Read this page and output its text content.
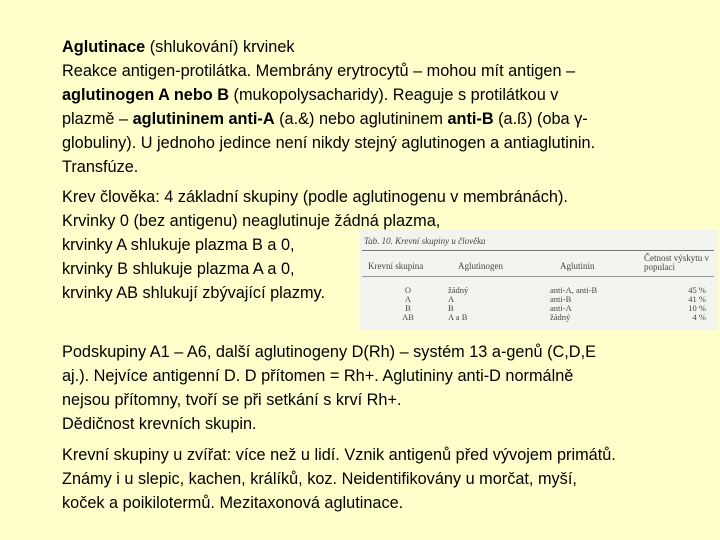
Aglutinace (shlukování) krvinek
Reakce antigen-protilátka. Membrány erytrocytů – mohou mít antigen –
aglutinogen A nebo B (mukopolysacharidy). Reaguje s protilátkou v
plazmě – aglutininem anti-A (a.&) nebo aglutininem anti-B (a.ß) (oba γ-
globuliny). U jednoho jedince není nikdy stejný aglutinogen a antiaglutinin.
Transfúze.
Krev člověka: 4 základní skupiny (podle aglutinogenu v membránách).
Krvinky 0 (bez antigenu) neaglutinuje žádná plazma,
krvinky A shlukuje plazma B a 0,
krvinky B shlukuje plazma A a 0,
krvinky AB shlukují zbývající plazmy.
Tab. 10. Krevní skupiny u člověka
Krevní skupina	Aglutinogen	Aglutinin
Četnost výskytu v populaci
O
A
B
AB
žádný
A
B
A a B
anti-A, anti-B
anti-B
anti-A
žádný
45 %
41 %
10 %
4 %
Podskupiny A1 – A6, další aglutinogeny D(Rh) – systém 13 a-genů (C,D,E
aj.). Nejvíce antigenní D. D přítomen = Rh+. Aglutininy anti-D normálně
nejsou přítomny, tvoří se při setkání s krví Rh+.
Dědičnost krevních skupin.
Krevní skupiny u zvířat: více než u lidí. Vznik antigenů před vývojem primátů.
Známy i u slepic, kachen, králíků, koz. Neidentifikovány u morčat, myší,
koček a poikilotermů. Mezitaxonová aglutinace.
